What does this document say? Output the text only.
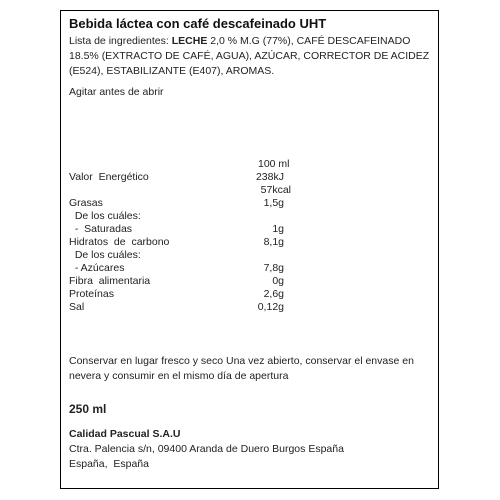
Bebida láctea con café descafeinado UHT
Lista de ingredientes: LECHE 2,0 % M.G (77%), CAFÉ DESCAFEINADO 18.5% (EXTRACTO DE CAFÉ, AGUA), AZÚCAR, CORRECTOR DE ACIDEZ (E524), ESTABILIZANTE (E407), AROMAS.
Agitar antes de abrir
100 ml
Valor  Energético	238kJ
57kcal
Grasas	1,5g
De los cuáles:
-  Saturadas	1g
Hidratos  de  carbono	8,1g
De los cuáles:
- Azúcares	7,8g
Fibra  alimentaria	0g
Proteínas	2,6g
Sal	0,12g
Conservar en lugar fresco y seco Una vez abierto, conservar el envase en nevera y consumir en el mismo día de apertura
250 ml
Calidad Pascual S.A.U
Ctra. Palencia s/n, 09400 Aranda de Duero Burgos España
España,  España
